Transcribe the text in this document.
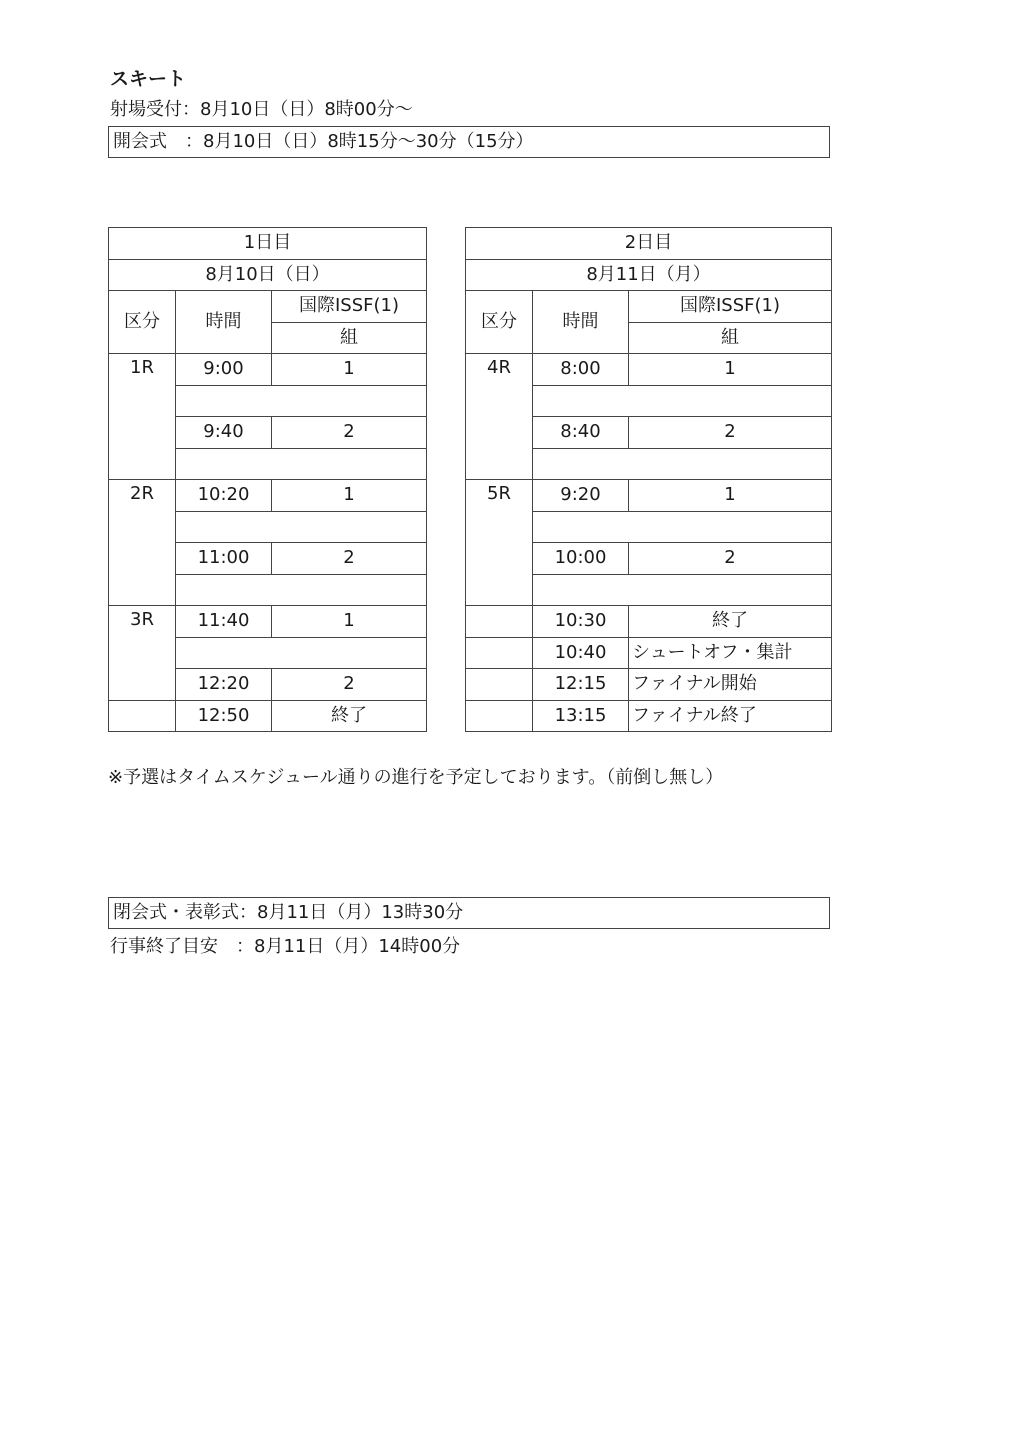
スキート
射場受付：8月10日（日）8時00分～
開会式　：8月10日（日）8時15分～30分（15分）
1日目		
8月10日（日）		
区分	時間	国際ISSF(1)
		組
1R	9:00	1

	9:40	2

2R	10:20	1

	11:00	2

3R	11:40	1

	12:20	2
	12:50	終了
2日目		
8月11日（月）		
区分	時間	国際ISSF(1)
		組
4R	8:00	1

	8:40	2

5R	9:20	1

	10:00	2

	10:30	終了
	10:40	シュートオフ・集計
	12:15	ファイナル開始
	13:15	ファイナル終了
※予選はタイムスケジュール通りの進行を予定しております。（前倒し無し）
閉会式・表彰式：8月11日（月）13時30分
行事終了目安　：8月11日（月）14時00分
